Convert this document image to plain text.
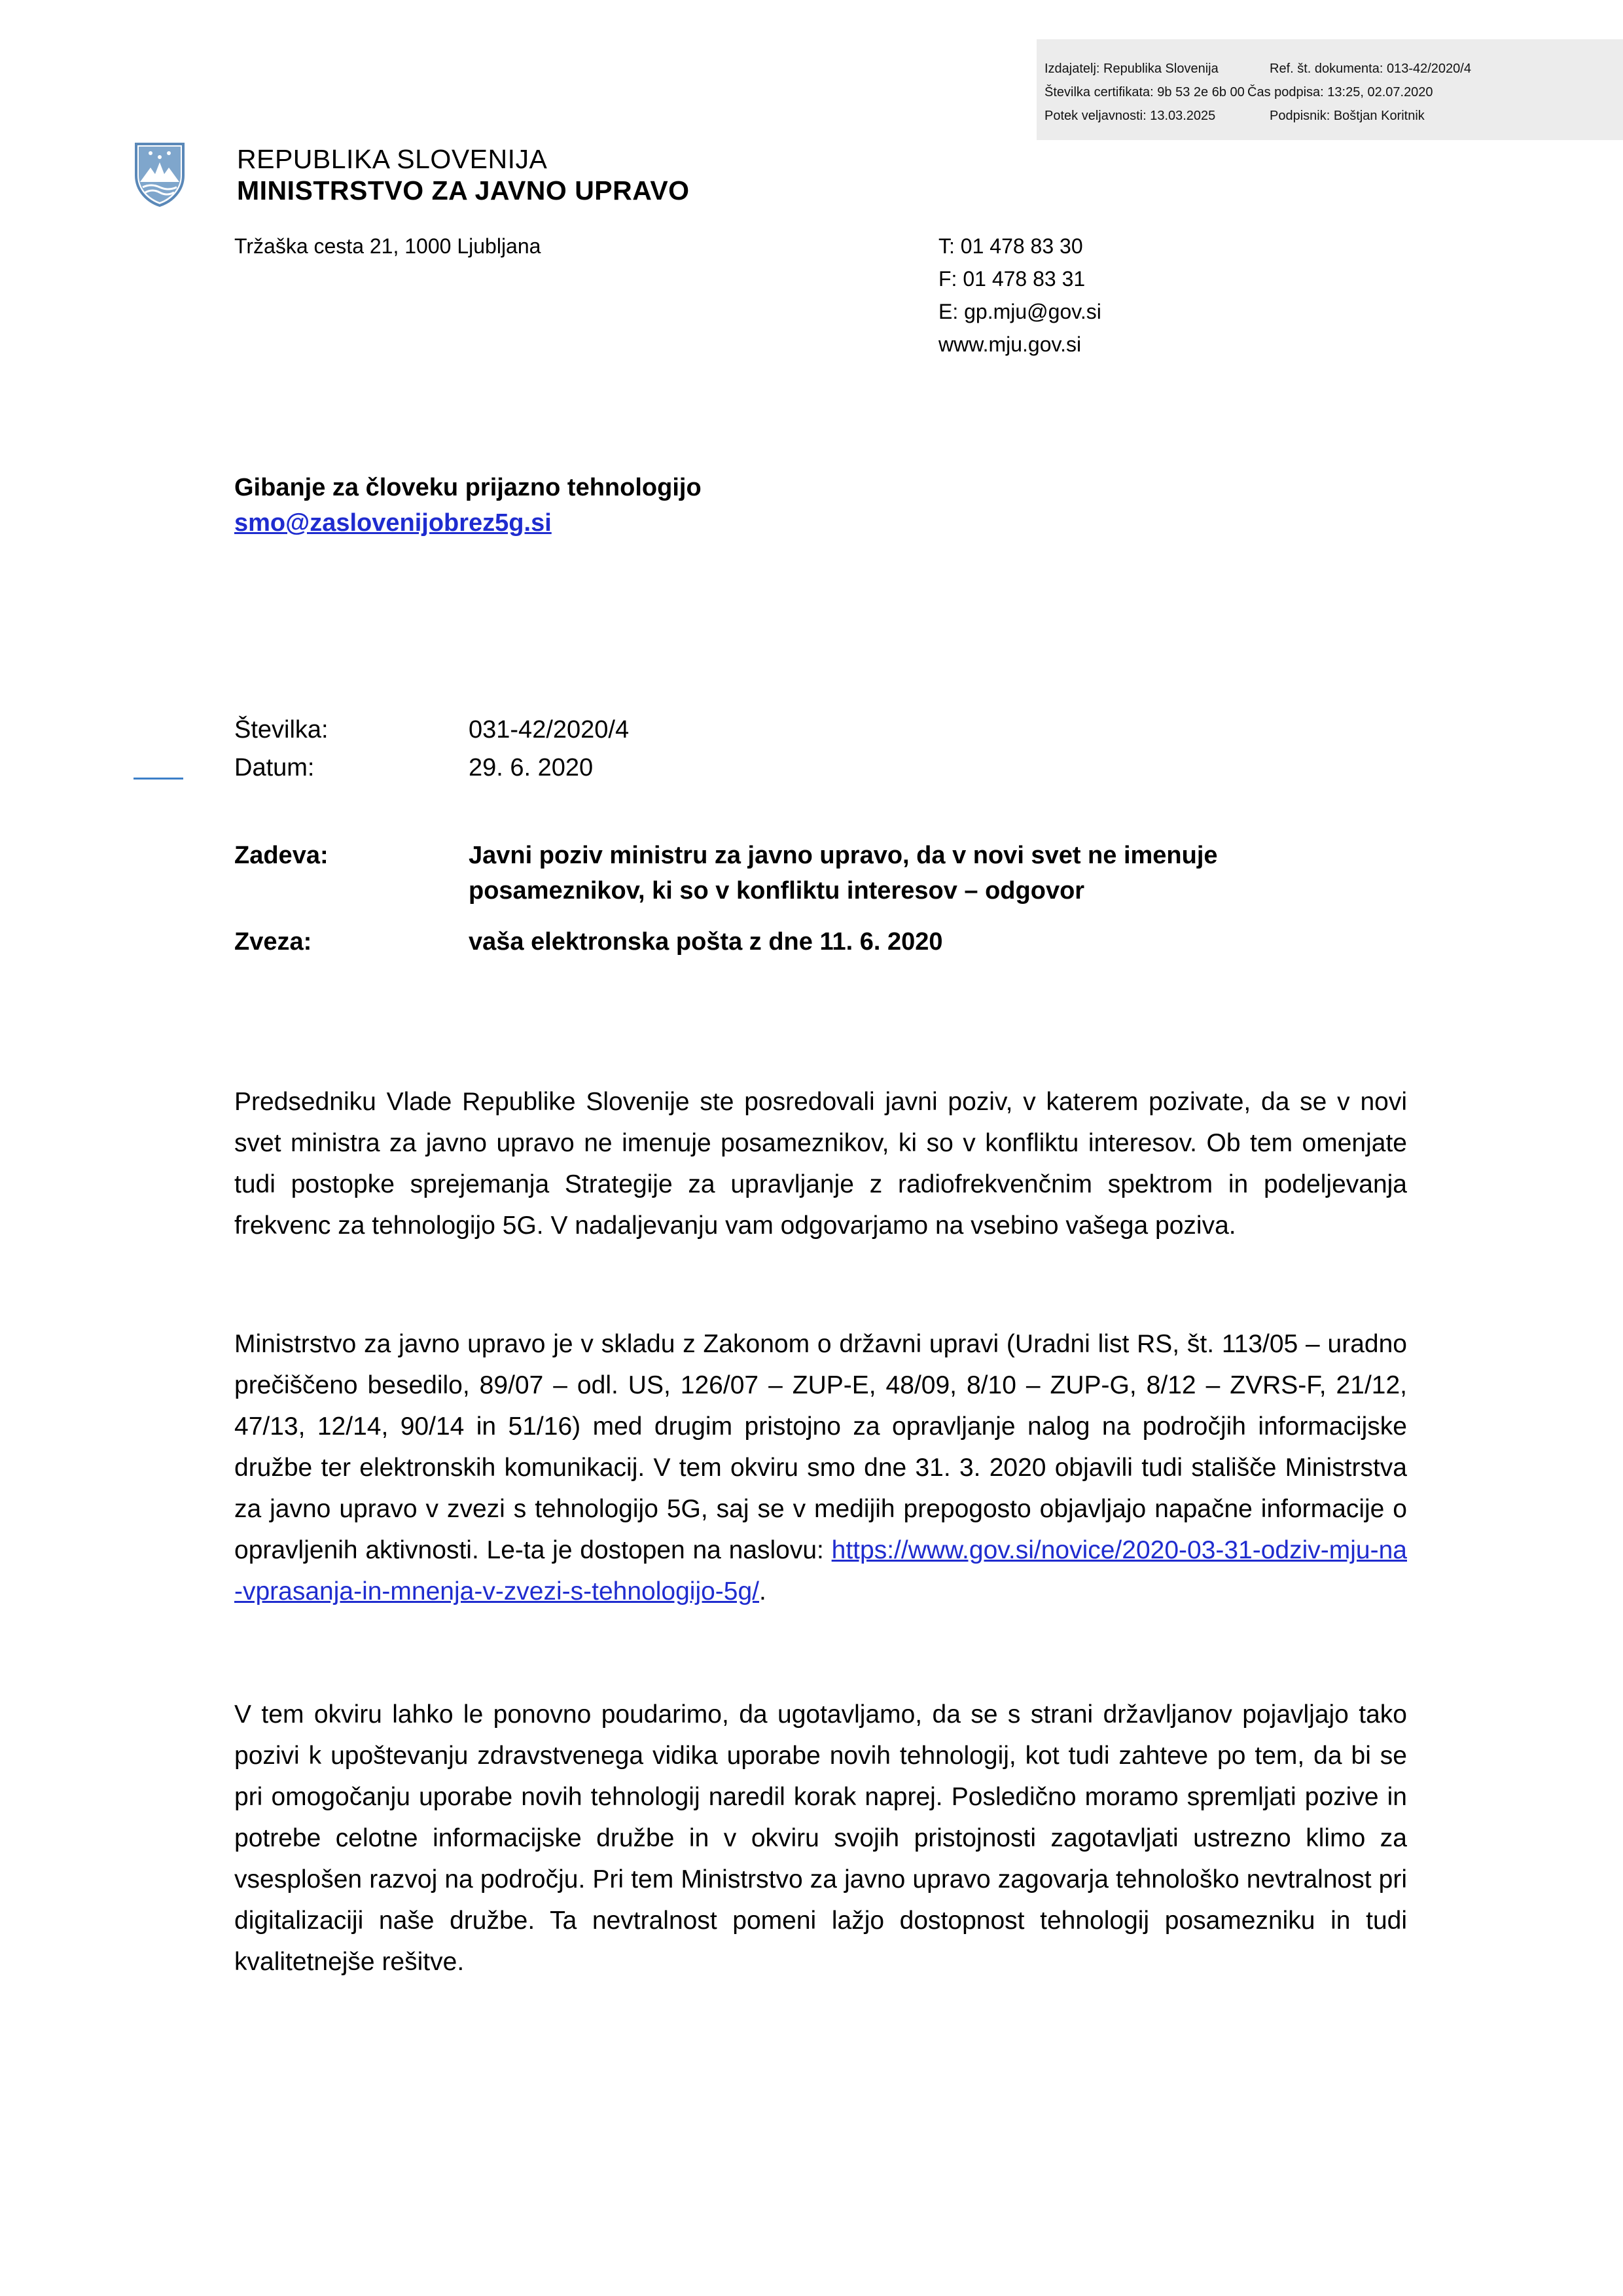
Izdajatelj: Republika Slovenija	Ref. št. dokumenta: 013-42/2020/4
Številka certifikata: 9b 53 2e 6b 00 Čas podpisa: 13:25, 02.07.2020
Potek veljavnosti: 13.03.2025	Podpisnik: Boštjan Koritnik
REPUBLIKA SLOVENIJA
MINISTRSTVO ZA JAVNO UPRAVO
Tržaška cesta 21, 1000 Ljubljana	T: 01 478 83 30
F: 01 478 83 31
E: gp.mju@gov.si
www.mju.gov.si
Gibanje za človeku prijazno tehnologijo
smo@zaslovenijobrez5g.si
Številka:	031-42/2020/4
Datum:	29. 6. 2020
Zadeva:	Javni poziv ministru za javno upravo, da v novi svet ne imenuje
posameznikov, ki so v konfliktu interesov – odgovor
Zveza:	vaša elektronska pošta z dne 11. 6. 2020

Predsedniku Vlade Republike Slovenije ste posredovali javni poziv, v katerem pozivate, da se v novi svet ministra za javno upravo ne imenuje posameznikov, ki so v konfliktu interesov. Ob tem omenjate tudi postopke sprejemanja Strategije za upravljanje z radiofrekvenčnim spektrom in podeljevanja frekvenc za tehnologijo 5G. V nadaljevanju vam odgovarjamo na vsebino vašega poziva.

Ministrstvo za javno upravo je v skladu z Zakonom o državni upravi (Uradni list RS, št. 113/05 – uradno prečiščeno besedilo, 89/07 – odl. US, 126/07 – ZUP-E, 48/09, 8/10 – ZUP-G, 8/12 – ZVRS-F, 21/12, 47/13, 12/14, 90/14 in 51/16) med drugim pristojno za opravljanje nalog na področjih informacijske družbe ter elektronskih komunikacij. V tem okviru smo dne 31. 3. 2020 objavili tudi stališče Ministrstva za javno upravo v zvezi s tehnologijo 5G, saj se v medijih prepogosto objavljajo napačne informacije o opravljenih aktivnosti. Le-ta je dostopen na naslovu: https://www.gov.si/novice/2020-03-31-odziv-mju-na-vprasanja-in-mnenja-v-zvezi-s-tehnologijo-5g/.

V tem okviru lahko le ponovno poudarimo, da ugotavljamo, da se s strani državljanov pojavljajo tako pozivi k upoštevanju zdravstvenega vidika uporabe novih tehnologij, kot tudi zahteve po tem, da bi se pri omogočanju uporabe novih tehnologij naredil korak naprej. Posledično moramo spremljati pozive in potrebe celotne informacijske družbe in v okviru svojih pristojnosti zagotavljati ustrezno klimo za vsesplošen razvoj na področju. Pri tem Ministrstvo za javno upravo zagovarja tehnološko nevtralnost pri digitalizaciji naše družbe. Ta nevtralnost pomeni lažjo dostopnost tehnologij posamezniku in tudi kvalitetnejše rešitve.
